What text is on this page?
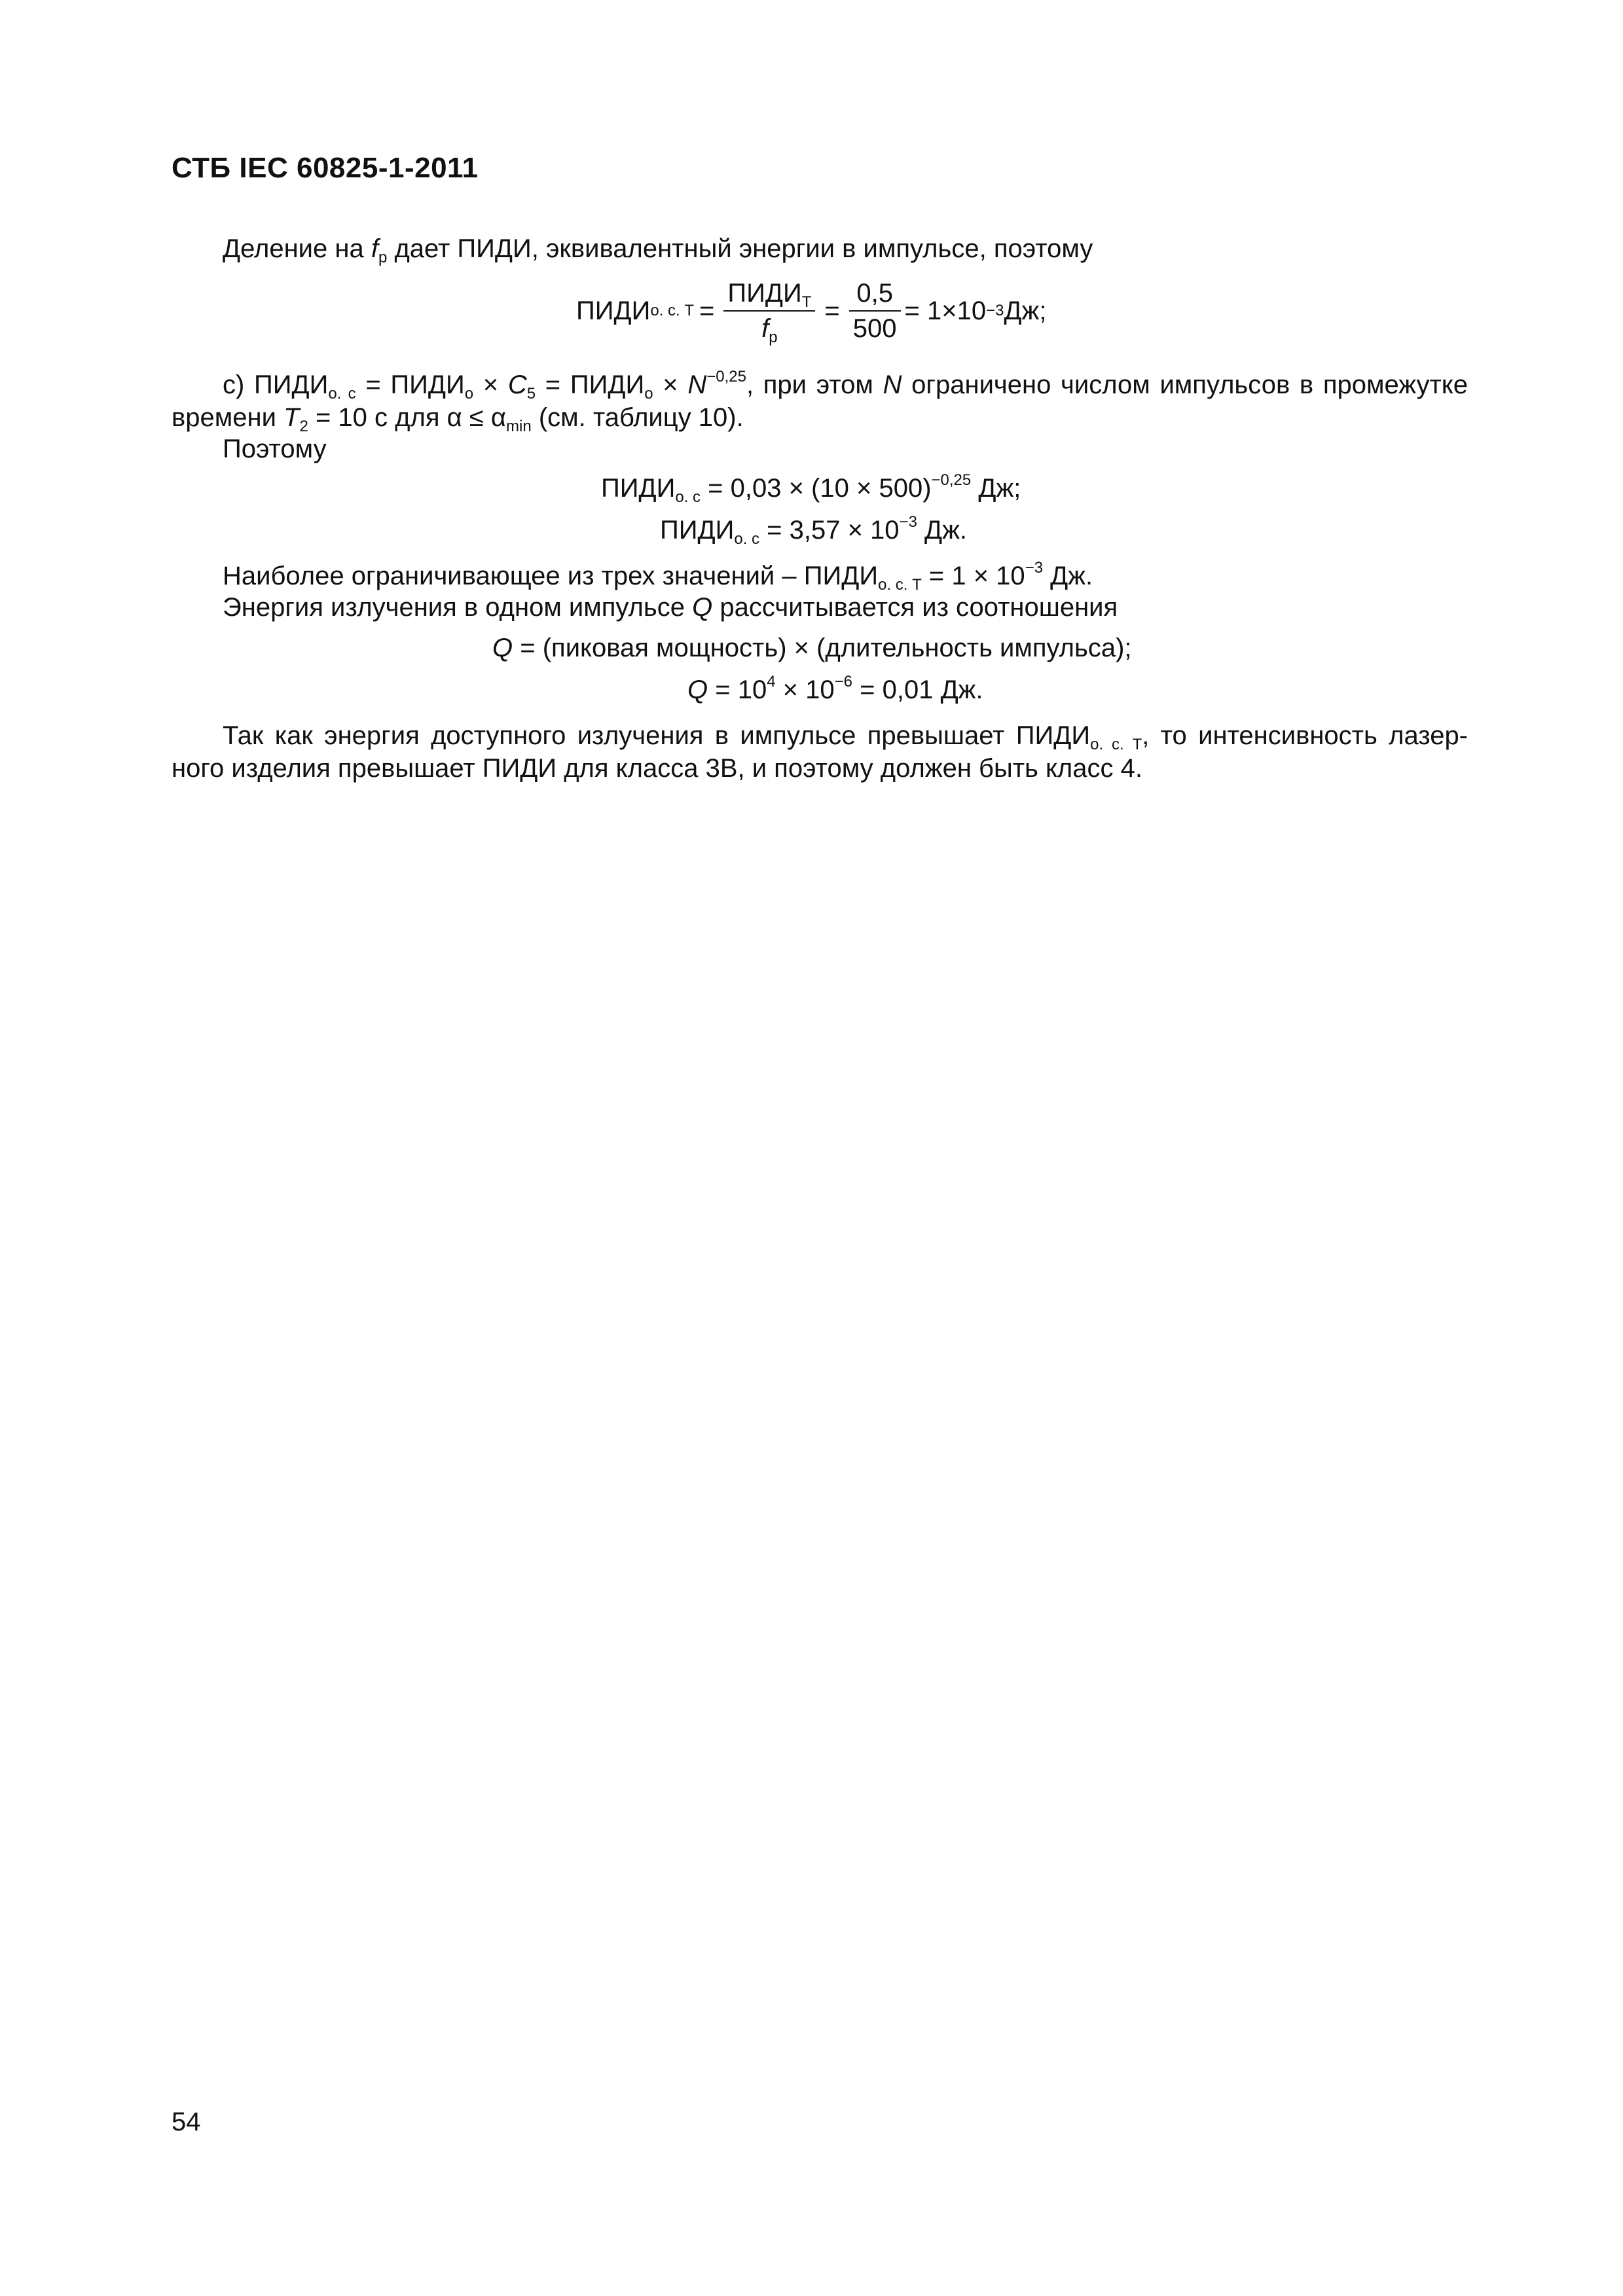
СТБ IEC 60825-1-2011
Деление на $f_p$ дает ПИДИ, эквивалентный энергии в импульсе, поэтому
ПИДИ о. с. $Т = \frac{ПИДИ_Т}{f_p} = \frac{0,5}{500} = 1\times 10 -3$ Дж;
с) $ПИДИ_{о. с}$ = $ПИДИ_о \times C_5$ = $ПИДИ_о \times N^{-0,25}$, при этом N ограничено числом импульсов в промежутке
времени $T_2 = 10$ с для $\alpha \le \alpha_{min}$ (см. таблицу 10).
Поэтому
$ПИДИ_{о. с} = 0,03 \times (10 \times 500)^{-0,25}$ Дж;
$ПИДИ_{о. с} = 3,57 \times 10^{-3}$ Дж.
Наиболее ограничивающее из трех значений – $ПИДИ_{о. с. Т} = 1 \times 10^{-3}$ Дж.
Энергия излучения в одном импульсе Q рассчитывается из соотношения
Q = (пиковая мощность) × (длительность импульса);
$Q = 10^4 \times 10^{-6} = 0,01$ Дж.
Так как энергия доступного излучения в импульсе превышает $ПИДИ_{о. с. Т}$, то интенсивность лазер-
ного изделия превышает ПИДИ для класса 3В, и поэтому должен быть класс 4.
54
